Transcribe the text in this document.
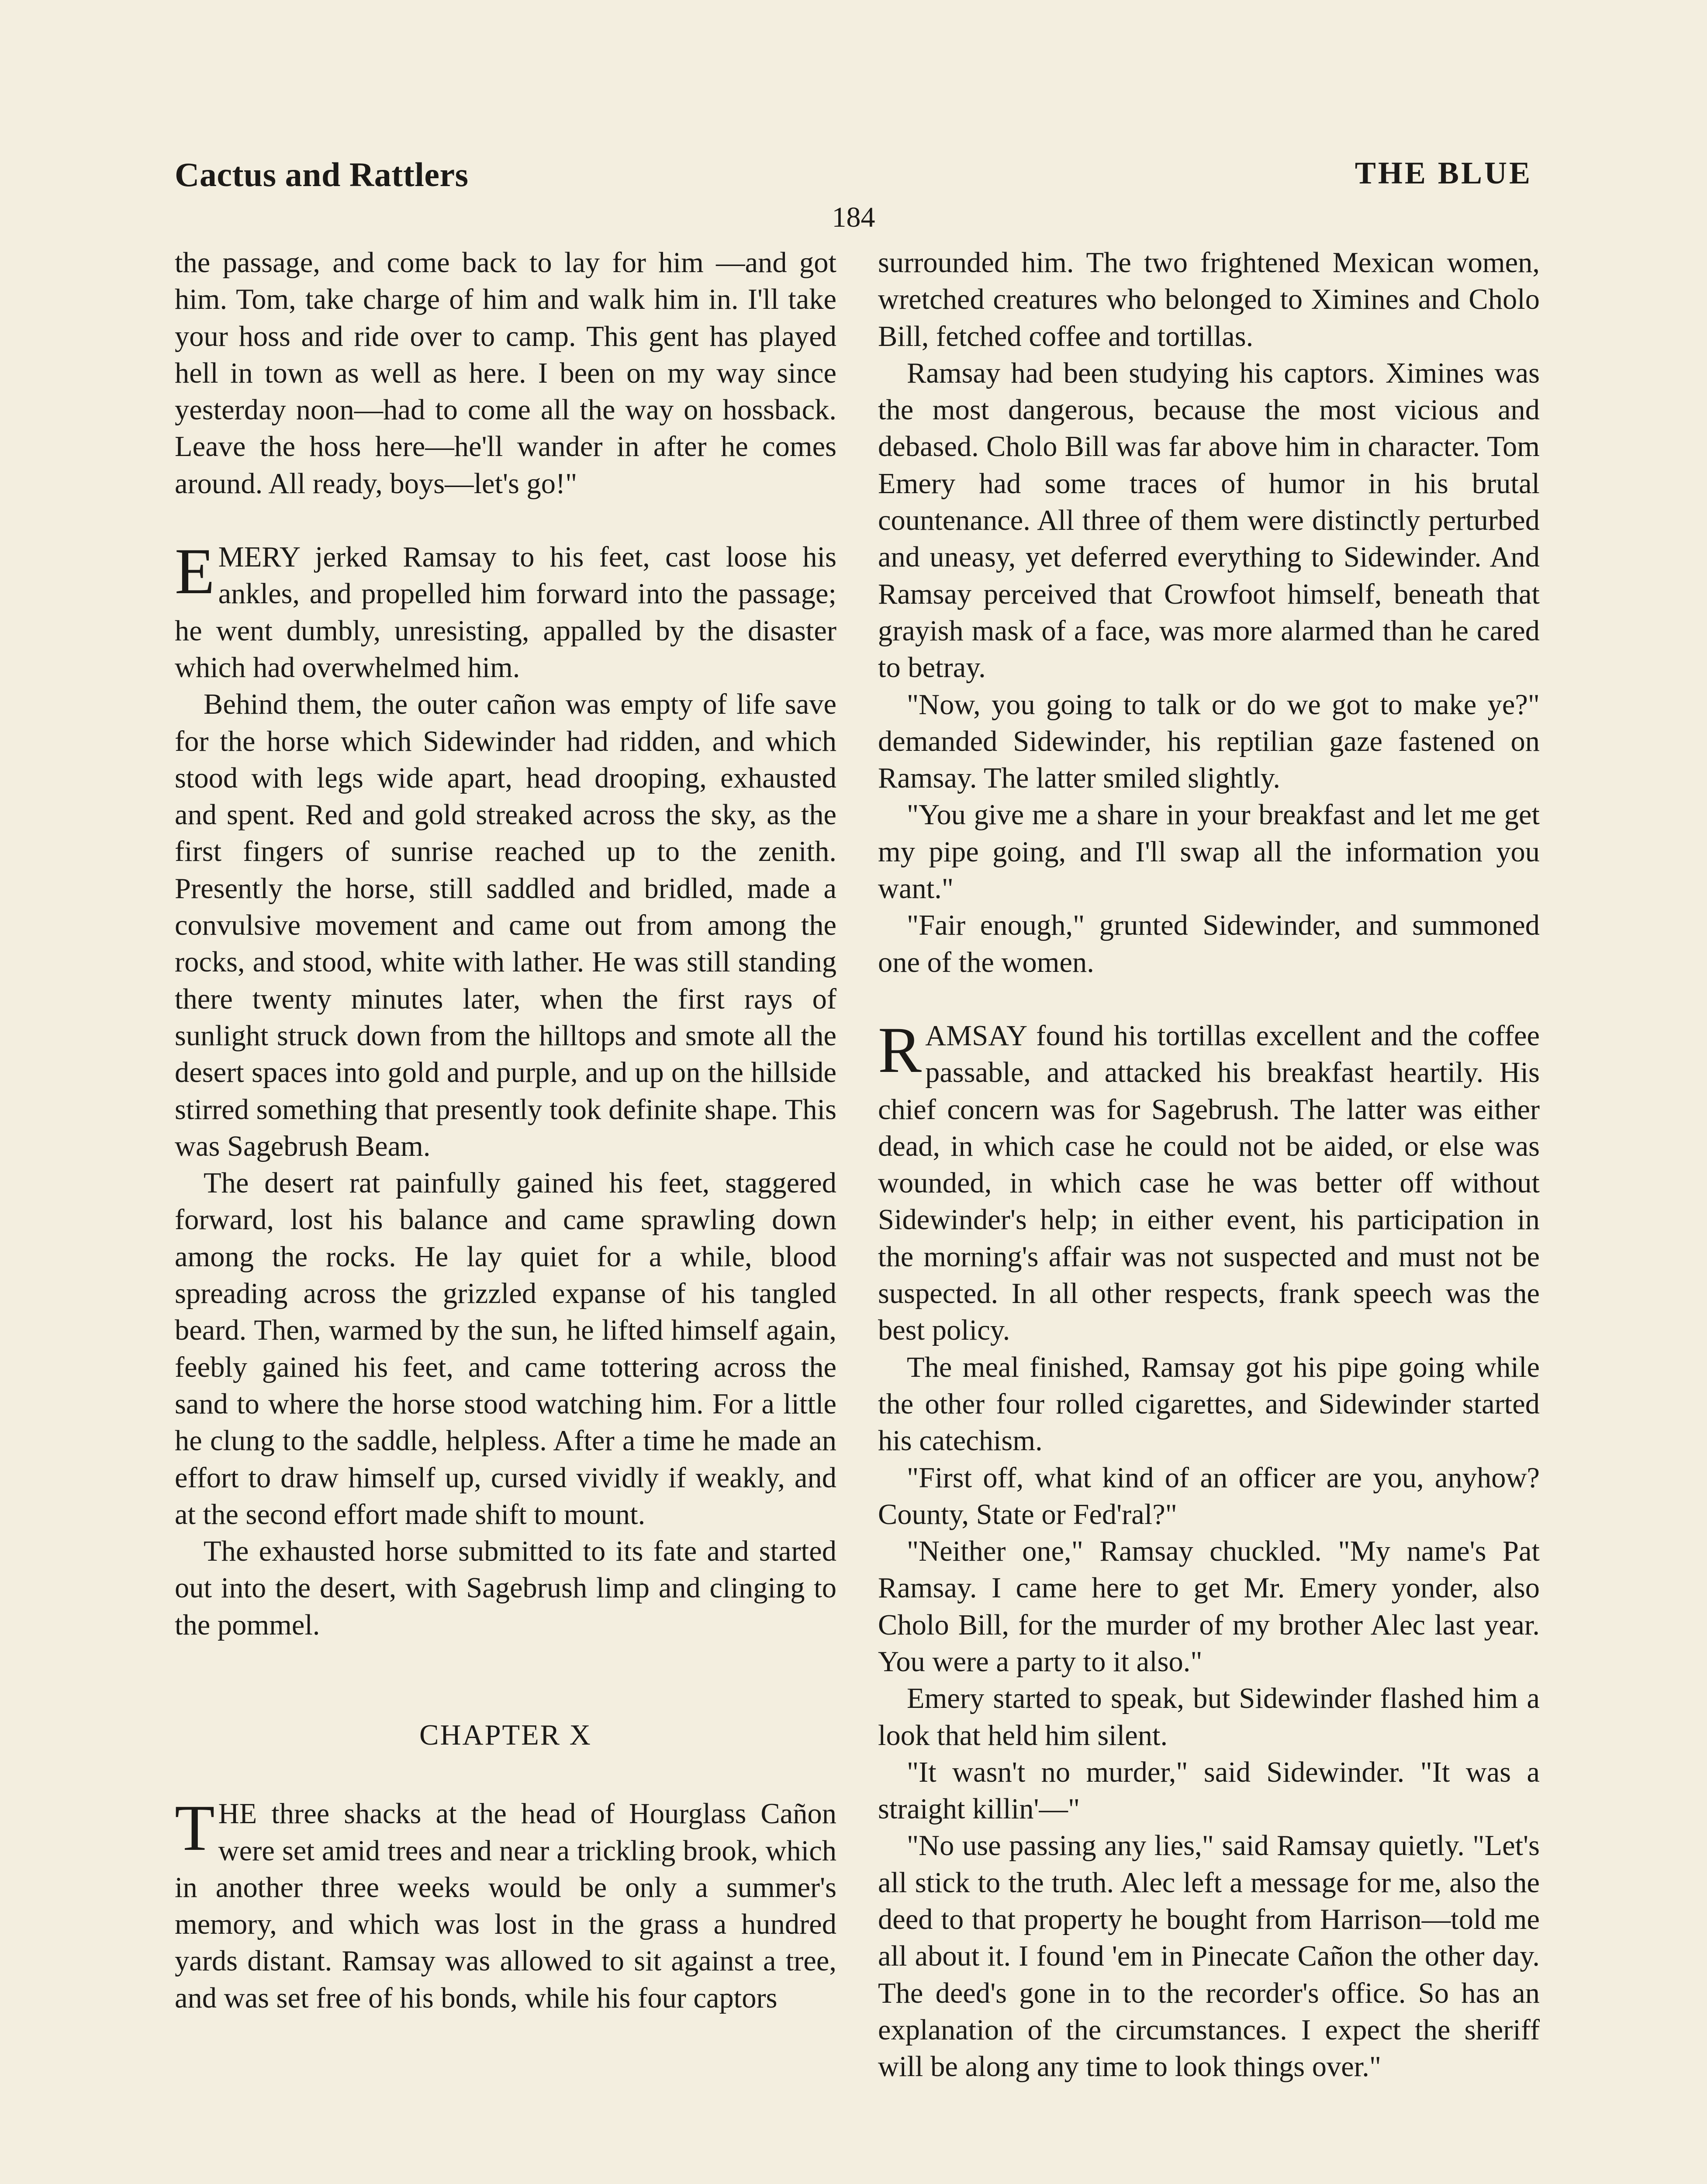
Cactus and Rattlers	THE BLUE
184

the passage, and come back to lay for him —and got him. Tom, take charge of him and walk him in. I'll take your hoss and ride over to camp. This gent has played hell in town as well as here. I been on my way since yesterday noon—had to come all the way on hossback. Leave the hoss here—he'll wander in after he comes around. All ready, boys—let's go!"

EMERY jerked Ramsay to his feet, cast loose his ankles, and propelled him forward into the passage; he went dumbly, unresisting, appalled by the disaster which had overwhelmed him.

Behind them, the outer cañon was empty of life save for the horse which Sidewinder had ridden, and which stood with legs wide apart, head drooping, exhausted and spent. Red and gold streaked across the sky, as the first fingers of sunrise reached up to the zenith. Presently the horse, still saddled and bridled, made a convulsive movement and came out from among the rocks, and stood, white with lather. He was still standing there twenty minutes later, when the first rays of sunlight struck down from the hilltops and smote all the desert spaces into gold and purple, and up on the hillside stirred something that presently took definite shape. This was Sagebrush Beam.

The desert rat painfully gained his feet, staggered forward, lost his balance and came sprawling down among the rocks. He lay quiet for a while, blood spreading across the grizzled expanse of his tangled beard. Then, warmed by the sun, he lifted himself again, feebly gained his feet, and came tottering across the sand to where the horse stood watching him. For a little he clung to the saddle, helpless. After a time he made an effort to draw himself up, cursed vividly if weakly, and at the second effort made shift to mount.

The exhausted horse submitted to its fate and started out into the desert, with Sagebrush limp and clinging to the pommel.

CHAPTER X

THE three shacks at the head of Hourglass Cañon were set amid trees and near a trickling brook, which in another three weeks would be only a summer's memory, and which was lost in the grass a hundred yards distant. Ramsay was allowed to sit against a tree, and was set free of his bonds, while his four captors

surrounded him. The two frightened Mexican women, wretched creatures who belonged to Ximines and Cholo Bill, fetched coffee and tortillas.

Ramsay had been studying his captors. Ximines was the most dangerous, because the most vicious and debased. Cholo Bill was far above him in character. Tom Emery had some traces of humor in his brutal countenance. All three of them were distinctly perturbed and uneasy, yet deferred everything to Sidewinder. And Ramsay perceived that Crowfoot himself, beneath that grayish mask of a face, was more alarmed than he cared to betray.

"Now, you going to talk or do we got to make ye?" demanded Sidewinder, his reptilian gaze fastened on Ramsay. The latter smiled slightly.

"You give me a share in your breakfast and let me get my pipe going, and I'll swap all the information you want."

"Fair enough," grunted Sidewinder, and summoned one of the women.

RAMSAY found his tortillas excellent and the coffee passable, and attacked his breakfast heartily. His chief concern was for Sagebrush. The latter was either dead, in which case he could not be aided, or else was wounded, in which case he was better off without Sidewinder's help; in either event, his participation in the morning's affair was not suspected and must not be suspected. In all other respects, frank speech was the best policy.

The meal finished, Ramsay got his pipe going while the other four rolled cigarettes, and Sidewinder started his catechism.

"First off, what kind of an officer are you, anyhow? County, State or Fed'ral?"

"Neither one," Ramsay chuckled. "My name's Pat Ramsay. I came here to get Mr. Emery yonder, also Cholo Bill, for the murder of my brother Alec last year. You were a party to it also."

Emery started to speak, but Sidewinder flashed him a look that held him silent.

"It wasn't no murder," said Sidewinder. "It was a straight killin'—"

"No use passing any lies," said Ramsay quietly. "Let's all stick to the truth. Alec left a message for me, also the deed to that property he bought from Harrison—told me all about it. I found 'em in Pinecate Cañon the other day. The deed's gone in to the recorder's office. So has an explanation of the circumstances. I expect the sheriff will be along any time to look things over."
